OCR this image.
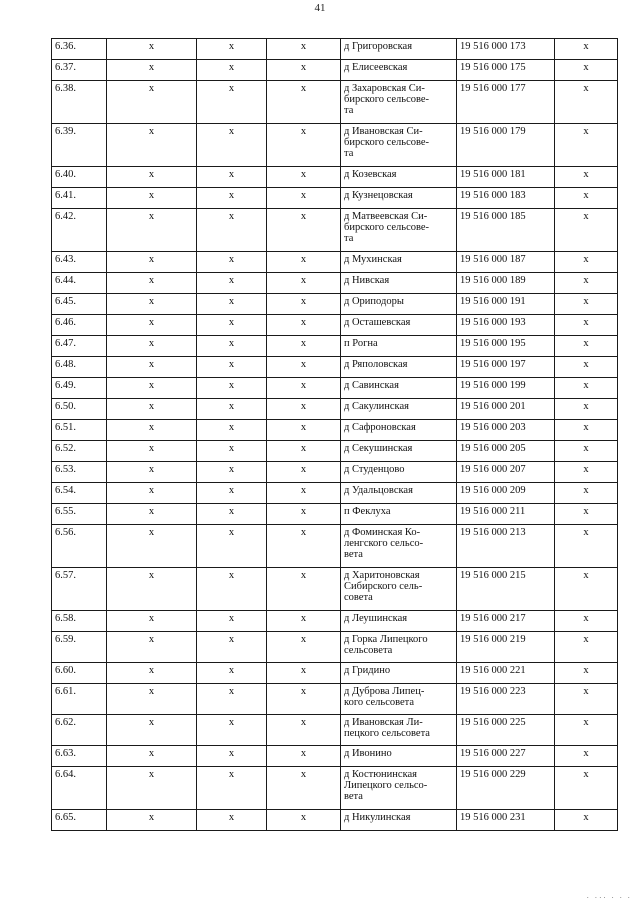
41
6.36.	x	x	x	д Григоровская	19 516 000 173	x
6.37.	x	x	x	д Елисеевская	19 516 000 175	x
6.38.	x	x	x	д Захаровская Си-
бирского сельсове-
та	19 516 000 177	x
6.39.	x	x	x	д Ивановская Си-
бирского сельсове-
та	19 516 000 179	x
6.40.	x	x	x	д Козевская	19 516 000 181	x
6.41.	x	x	x	д Кузнецовская	19 516 000 183	x
6.42.	x	x	x	д Матвеевская Си-
бирского сельсове-
та	19 516 000 185	x
6.43.	x	x	x	д Мухинская	19 516 000 187	x
6.44.	x	x	x	д Нивская	19 516 000 189	x
6.45.	x	x	x	д Ориподоры	19 516 000 191	x
6.46.	x	x	x	д Осташевская	19 516 000 193	x
6.47.	x	x	x	п Рогна	19 516 000 195	x
6.48.	x	x	x	д Ряполовская	19 516 000 197	x
6.49.	x	x	x	д Савинская	19 516 000 199	x
6.50.	x	x	x	д Сакулинская	19 516 000 201	x
6.51.	x	x	x	д Сафроновская	19 516 000 203	x
6.52.	x	x	x	д Секушинская	19 516 000 205	x
6.53.	x	x	x	д Студенцово	19 516 000 207	x
6.54.	x	x	x	д Удальцовская	19 516 000 209	x
6.55.	x	x	x	п Феклуха	19 516 000 211	x
6.56.	x	x	x	д Фоминская Ко-
ленгского сельсо-
вета	19 516 000 213	x
6.57.	x	x	x	д Харитоновская
Сибирского сель-
совета	19 516 000 215	x
6.58.	x	x	x	д Леушинская	19 516 000 217	x
6.59.	x	x	x	д Горка Липецкого
сельсовета	19 516 000 219	x
6.60.	x	x	x	д Гридино	19 516 000 221	x
6.61.	x	x	x	д Дуброва Липец-
кого сельсовета	19 516 000 223	x
6.62.	x	x	x	д Ивановская Ли-
пецкого сельсовета	19 516 000 225	x
6.63.	x	x	x	д Ивонино	19 516 000 227	x
6.64.	x	x	x	д Костюнинская
Липецкого сельсо-
вета	19 516 000 229	x
6.65.	x	x	x	д Никулинская	19 516 000 231	x
· ··· · · ·
